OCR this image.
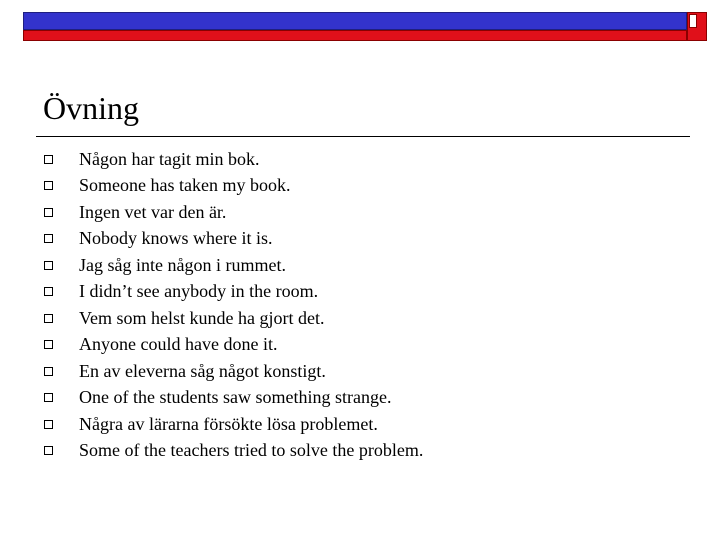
Övning
Någon har tagit min bok.
Someone has taken my book.
Ingen vet var den är.
Nobody knows where it is.
Jag såg inte någon i rummet.
I didn’t see anybody in the room.
Vem som helst kunde ha gjort det.
Anyone could have done it.
En av eleverna såg något konstigt.
One of the students saw something strange.
Några av lärarna försökte lösa problemet.
Some of the teachers tried to solve the problem.
